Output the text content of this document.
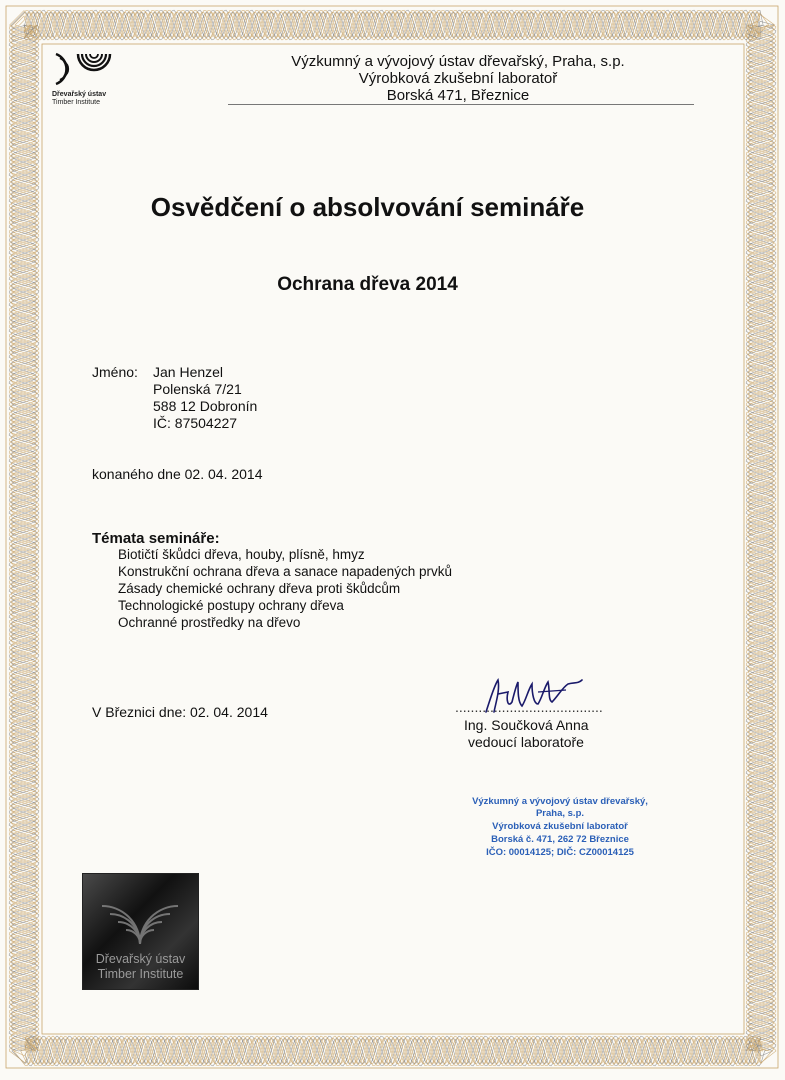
Dřevařský ústav
Timber Institute
Výzkumný a vývojový ústav dřevařský, Praha, s.p.
Výrobková zkušební laboratoř
Borská 471, Březnice
Osvědčení o absolvování semináře
Ochrana dřeva 2014
Jméno: Jan Henzel
Polenská 7/21
588 12 Dobronín
IČ: 87504227
konaného dne 02. 04. 2014
Témata semináře:
Biotičtí škůdci dřeva, houby, plísně, hmyz
Konstrukční ochrana dřeva a sanace napadených prvků
Zásady chemické ochrany dřeva proti škůdcům
Technologické postupy ochrany dřeva
Ochranné prostředky na dřevo
V Březnici dne: 02. 04. 2014	......................................
Ing. Součková Anna
vedoucí laboratoře
Výzkumný a vývojový ústav dřevařský,
Praha, s.p.
Výrobková zkušební laboratoř
Borská č. 471, 262 72 Březnice
IČO: 00014125; DIČ: CZ00014125
Dřevařský ústav
Timber Institute
